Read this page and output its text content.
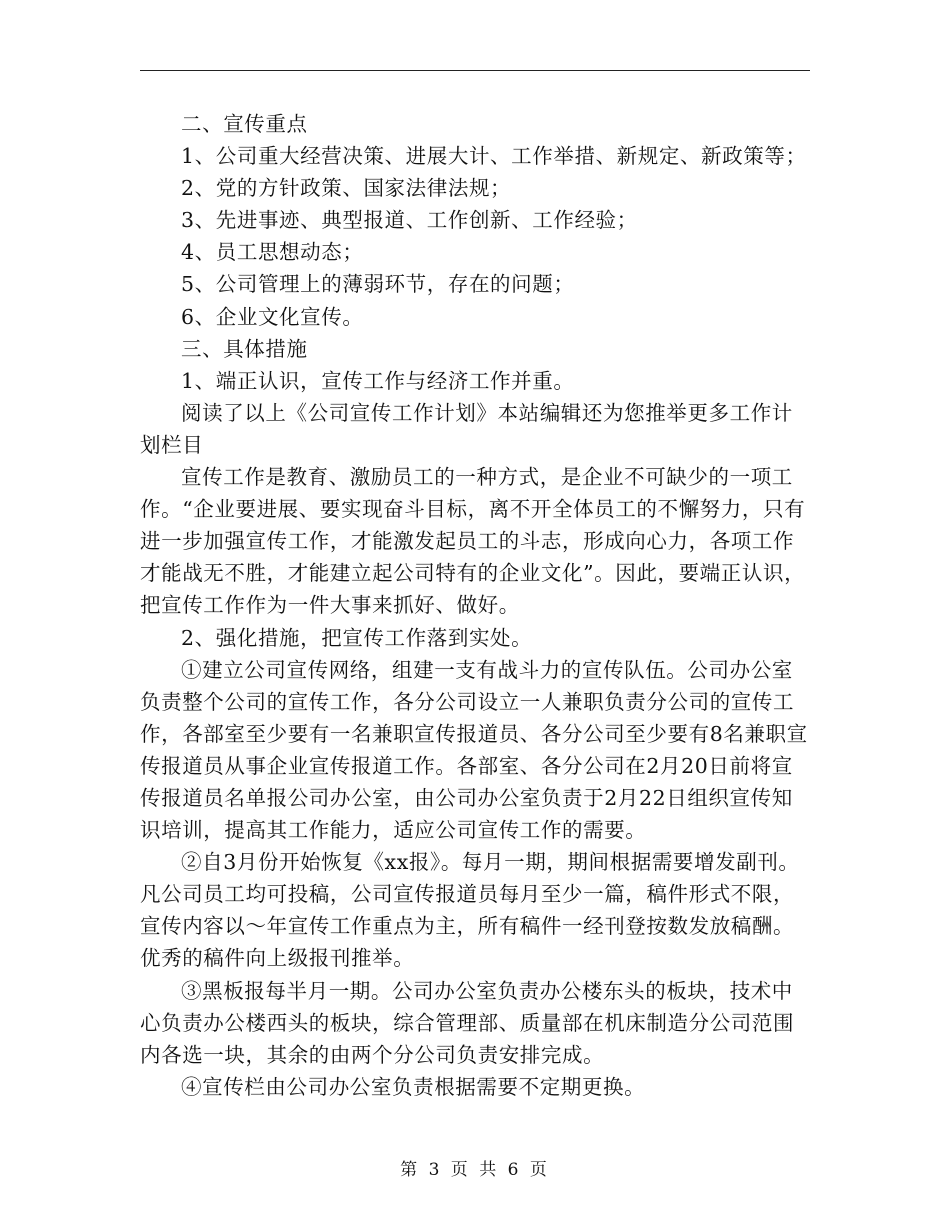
二、宣传重点

1、公司重大经营决策、进展大计、工作举措、新规定、新政策等；

2、党的方针政策、国家法律法规；

3、先进事迹、典型报道、工作创新、工作经验；

4、员工思想动态；

5、公司管理上的薄弱环节，存在的问题；

6、企业文化宣传。

三、具体措施

1、端正认识，宣传工作与经济工作并重。

阅读了以上《公司宣传工作计划》本站编辑还为您推举更多工作计划栏目

宣传工作是教育、激励员工的一种方式，是企业不可缺少的一项工作。“企业要进展、要实现奋斗目标，离不开全体员工的不懈努力，只有进一步加强宣传工作，才能激发起员工的斗志，形成向心力，各项工作才能战无不胜，才能建立起公司特有的企业文化”。因此，要端正认识，把宣传工作作为一件大事来抓好、做好。

2、强化措施，把宣传工作落到实处。

①建立公司宣传网络，组建一支有战斗力的宣传队伍。公司办公室负责整个公司的宣传工作，各分公司设立一人兼职负责分公司的宣传工作，各部室至少要有一名兼职宣传报道员、各分公司至少要有8名兼职宣传报道员从事企业宣传报道工作。各部室、各分公司在2月20日前将宣传报道员名单报公司办公室，由公司办公室负责于2月22日组织宣传知识培训，提高其工作能力，适应公司宣传工作的需要。

②自3月份开始恢复《xx报》。每月一期，期间根据需要增发副刊。凡公司员工均可投稿，公司宣传报道员每月至少一篇，稿件形式不限，宣传内容以～年宣传工作重点为主，所有稿件一经刊登按数发放稿酬。优秀的稿件向上级报刊推举。

③黑板报每半月一期。公司办公室负责办公楼东头的板块，技术中心负责办公楼西头的板块，综合管理部、质量部在机床制造分公司范围内各选一块，其余的由两个分公司负责安排完成。

④宣传栏由公司办公室负责根据需要不定期更换。

第 3 页 共 6 页
